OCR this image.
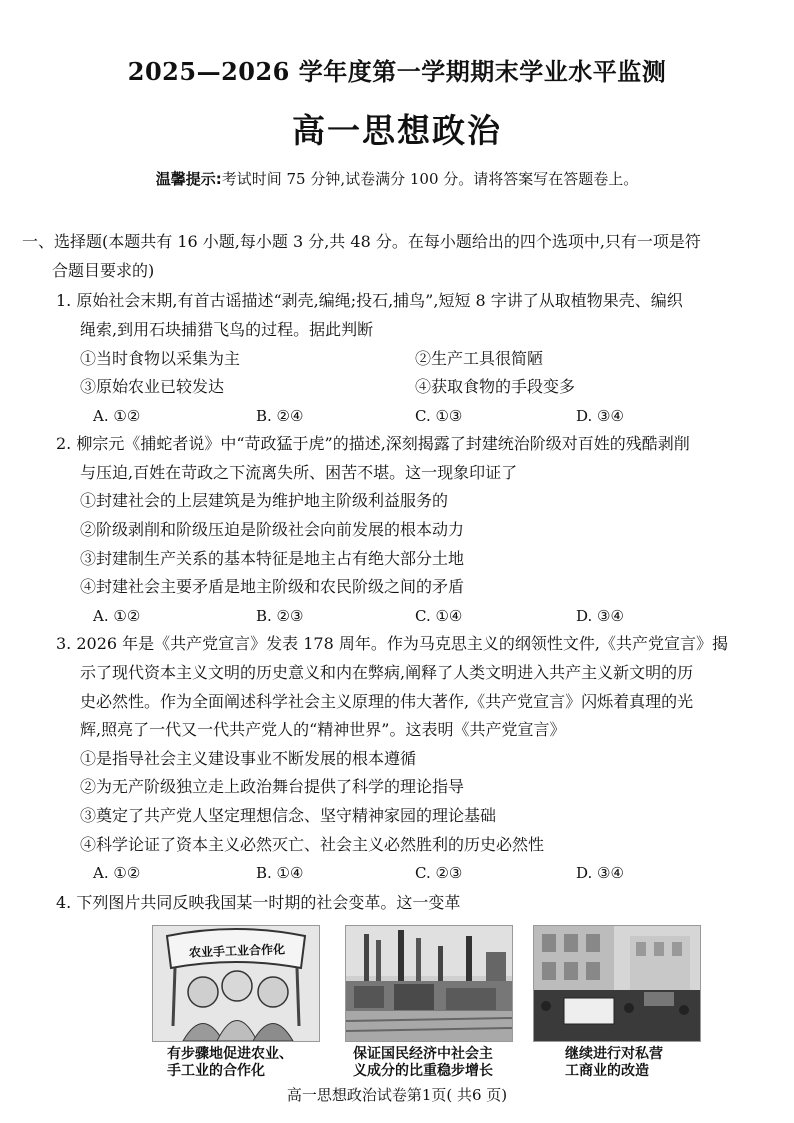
2025—2026 学年度第一学期期末学业水平监测
高一思想政治
温馨提示:考试时间 75 分钟,试卷满分 100 分。请将答案写在答题卷上。
一、选择题(本题共有 16 小题,每小题 3 分,共 48 分。在每小题给出的四个选项中,只有一项是符
合题目要求的)
1. 原始社会末期,有首古谣描述“剥壳,编绳;投石,捕鸟”,短短 8 字讲了从取植物果壳、编织
绳索,到用石块捕猎飞鸟的过程。据此判断
①当时食物以采集为主	②生产工具很简陋
③原始农业已较发达	④获取食物的手段变多
A. ①②	B. ②④	C. ①③	D. ③④
2. 柳宗元《捕蛇者说》中“苛政猛于虎”的描述,深刻揭露了封建统治阶级对百姓的残酷剥削
与压迫,百姓在苛政之下流离失所、困苦不堪。这一现象印证了
①封建社会的上层建筑是为维护地主阶级利益服务的
②阶级剥削和阶级压迫是阶级社会向前发展的根本动力
③封建制生产关系的基本特征是地主占有绝大部分土地
④封建社会主要矛盾是地主阶级和农民阶级之间的矛盾
A. ①②	B. ②③	C. ①④	D. ③④
3. 2026 年是《共产党宣言》发表 178 周年。作为马克思主义的纲领性文件,《共产党宣言》揭
示了现代资本主义文明的历史意义和内在弊病,阐释了人类文明进入共产主义新文明的历
史必然性。作为全面阐述科学社会主义原理的伟大著作,《共产党宣言》闪烁着真理的光
辉,照亮了一代又一代共产党人的“精神世界”。这表明《共产党宣言》
①是指导社会主义建设事业不断发展的根本遵循
②为无产阶级独立走上政治舞台提供了科学的理论指导
③奠定了共产党人坚定理想信念、坚守精神家园的理论基础
④科学论证了资本主义必然灭亡、社会主义必然胜利的历史必然性
A. ①②	B. ①④	C. ②③	D. ③④
4. 下列图片共同反映我国某一时期的社会变革。这一变革
农业手工业合作化
有步骤地促进农业、
手工业的合作化
保证国民经济中社会主
义成分的比重稳步增长
继续进行对私营
工商业的改造
高一思想政治试卷第1页( 共6 页)
